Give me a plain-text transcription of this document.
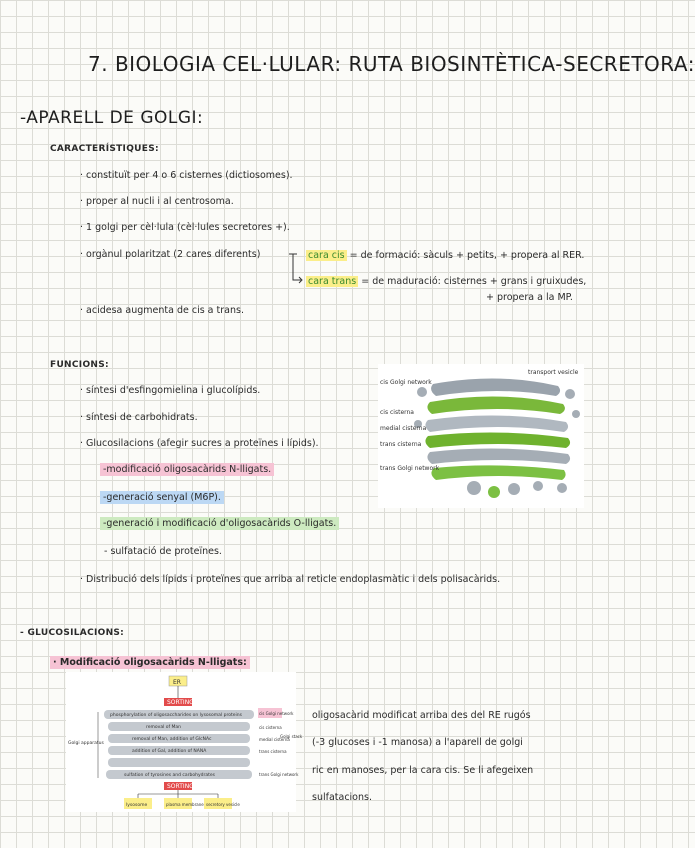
7. BIOLOGIA CEL·LULAR: RUTA BIOSINTÈTICA-SECRETORA:
-APARELL DE GOLGI:
CARACTERÍSTIQUES:
· constituït per 4 o 6 cisternes (dictiosomes).
· proper al nucli i al centrosoma.
· 1 golgi per cèl·lula (cèl·lules secretores +).
· orgànul polaritzat (2 cares diferents)	cara cis = de formació: sàculs + petits, + propera al RER.
cara trans = de maduració: cisternes + grans i gruixudes,
+ propera a la MP.
· acidesa augmenta de cis a trans.
FUNCIONS:
· síntesi d'esfingomielina i glucolípids.
· síntesi de carbohidrats.
· Glucosilacions (afegir sucres a proteïnes i lípids).
-modificació oligosacàrids N-lligats.
-generació senyal (M6P).
-generació i modificació d'oligosacàrids O-lligats.
- sulfatació de proteïnes.
· Distribució dels lípids i proteïnes que arriba al reticle endoplasmàtic i dels polisacàrids.
cis Golgi network
cis cisterna
medial cisterna
trans cisterna
trans Golgi network
transport vesicle
- GLUCOSILACIONS:
· Modificació oligosacàrids N-lligats:
oligosacàrid modificat arriba des del RE rugós
(-3 glucoses i -1 manosa) a l'aparell de golgi
ric en manoses, per la cara cis. Se li afegeixen
sulfatacions.
ER
SORTING
phosphorylation of oligosaccharides on lysosomal proteins
removal of Man
removal of Man, addition of GlcNAc
addition of Gal, addition of NANA
sulfation of tyrosines and carbohydrates
SORTING
lysosome	plasma membrane secretory vesicle
Golgi apparatus
cis Golgi network
cis cisterna
medial cisterna
trans cisterna
trans Golgi network
Golgi stack
